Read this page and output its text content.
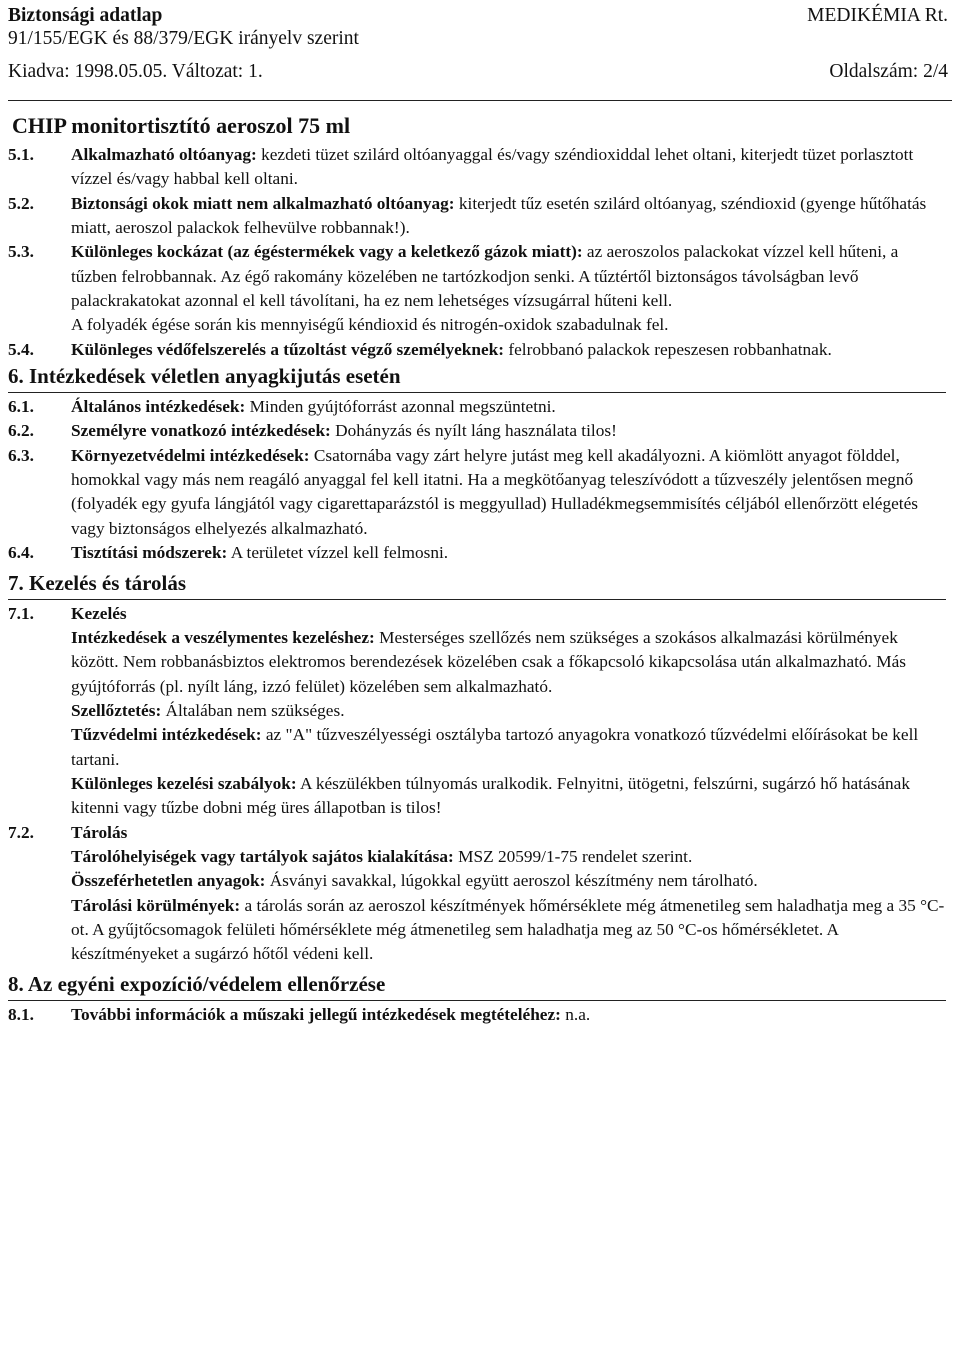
Biztonsági adatlap	MEDIKÉMIA Rt.
91/155/EGK és 88/379/EGK irányelv szerint
Kiadva: 1998.05.05. Változat: 1.	Oldalszám: 2/4
CHIP monitortisztító aeroszol 75 ml
5.1.	Alkalmazható oltóanyag: kezdeti tüzet szilárd oltóanyaggal és/vagy széndioxiddal lehet oltani, kiterjedt tüzet porlasztott vízzel és/vagy habbal kell oltani.
5.2.	Biztonsági okok miatt nem alkalmazható oltóanyag: kiterjedt tűz esetén szilárd oltóanyag, széndioxid (gyenge hűtőhatás miatt, aeroszol palackok felhevülve robbannak!).
5.3.	Különleges kockázat (az égéstermékek vagy a keletkező gázok miatt): az aeroszolos palackokat vízzel kell hűteni, a tűzben felrobbannak. Az égő rakomány közelében ne tartózkodjon senki. A tűztértől biztonságos távolságban levő palackrakatokat azonnal el kell távolítani, ha ez nem lehetséges vízsugárral hűteni kell.
A folyadék égése során kis mennyiségű kéndioxid és nitrogén-oxidok szabadulnak fel.
5.4.	Különleges védőfelszerelés a tűzoltást végző személyeknek: felrobbanó palackok repeszesen robbanhatnak.
6. Intézkedések véletlen anyagkijutás esetén
6.1.	Általános intézkedések: Minden gyújtóforrást azonnal megszüntetni.
6.2.	Személyre vonatkozó intézkedések: Dohányzás és nyílt láng használata tilos!
6.3.	Környezetvédelmi intézkedések: Csatornába vagy zárt helyre jutást meg kell akadályozni. A kiömlött anyagot földdel, homokkal vagy más nem reagáló anyaggal fel kell itatni. Ha a megkötőanyag teleszívódott a tűzveszély jelentősen megnő (folyadék egy gyufa lángjától vagy cigarettaparázstól is meggyullad) Hulladékmegsemmisítés céljából ellenőrzött elégetés vagy biztonságos elhelyezés alkalmazható.
6.4.	Tisztítási módszerek: A területet vízzel kell felmosni.
7. Kezelés és tárolás
7.1.	Kezelés
Intézkedések a veszélymentes kezeléshez: Mesterséges szellőzés nem szükséges a szokásos alkalmazási körülmények között. Nem robbanásbiztos elektromos berendezések közelében csak a főkapcsoló kikapcsolása után alkalmazható. Más gyújtóforrás (pl. nyílt láng, izzó felület) közelében sem alkalmazható.
Szellőztetés: Általában nem szükséges.
Tűzvédelmi intézkedések: az "A" tűzveszélyességi osztályba tartozó anyagokra vonatkozó tűzvédelmi előírásokat be kell tartani.
Különleges kezelési szabályok: A készülékben túlnyomás uralkodik. Felnyitni, ütögetni, felszúrni, sugárzó hő hatásának kitenni vagy tűzbe dobni még üres állapotban is tilos!
7.2.	Tárolás
Tárolóhelyiségek vagy tartályok sajátos kialakítása: MSZ 20599/1-75 rendelet szerint.
Összeférhetetlen anyagok: Ásványi savakkal, lúgokkal együtt aeroszol készítmény nem tárolható.
Tárolási körülmények: a tárolás során az aeroszol készítmények hőmérséklete még átmenetileg sem haladhatja meg a 35 °C-ot. A gyűjtőcsomagok felületi hőmérséklete még átmenetileg sem haladhatja meg az 50 °C-os hőmérsékletet. A készítményeket a sugárzó hőtől védeni kell.
8. Az egyéni expozíció/védelem ellenőrzése
8.1.	További információk a műszaki jellegű intézkedések megtételéhez: n.a.
